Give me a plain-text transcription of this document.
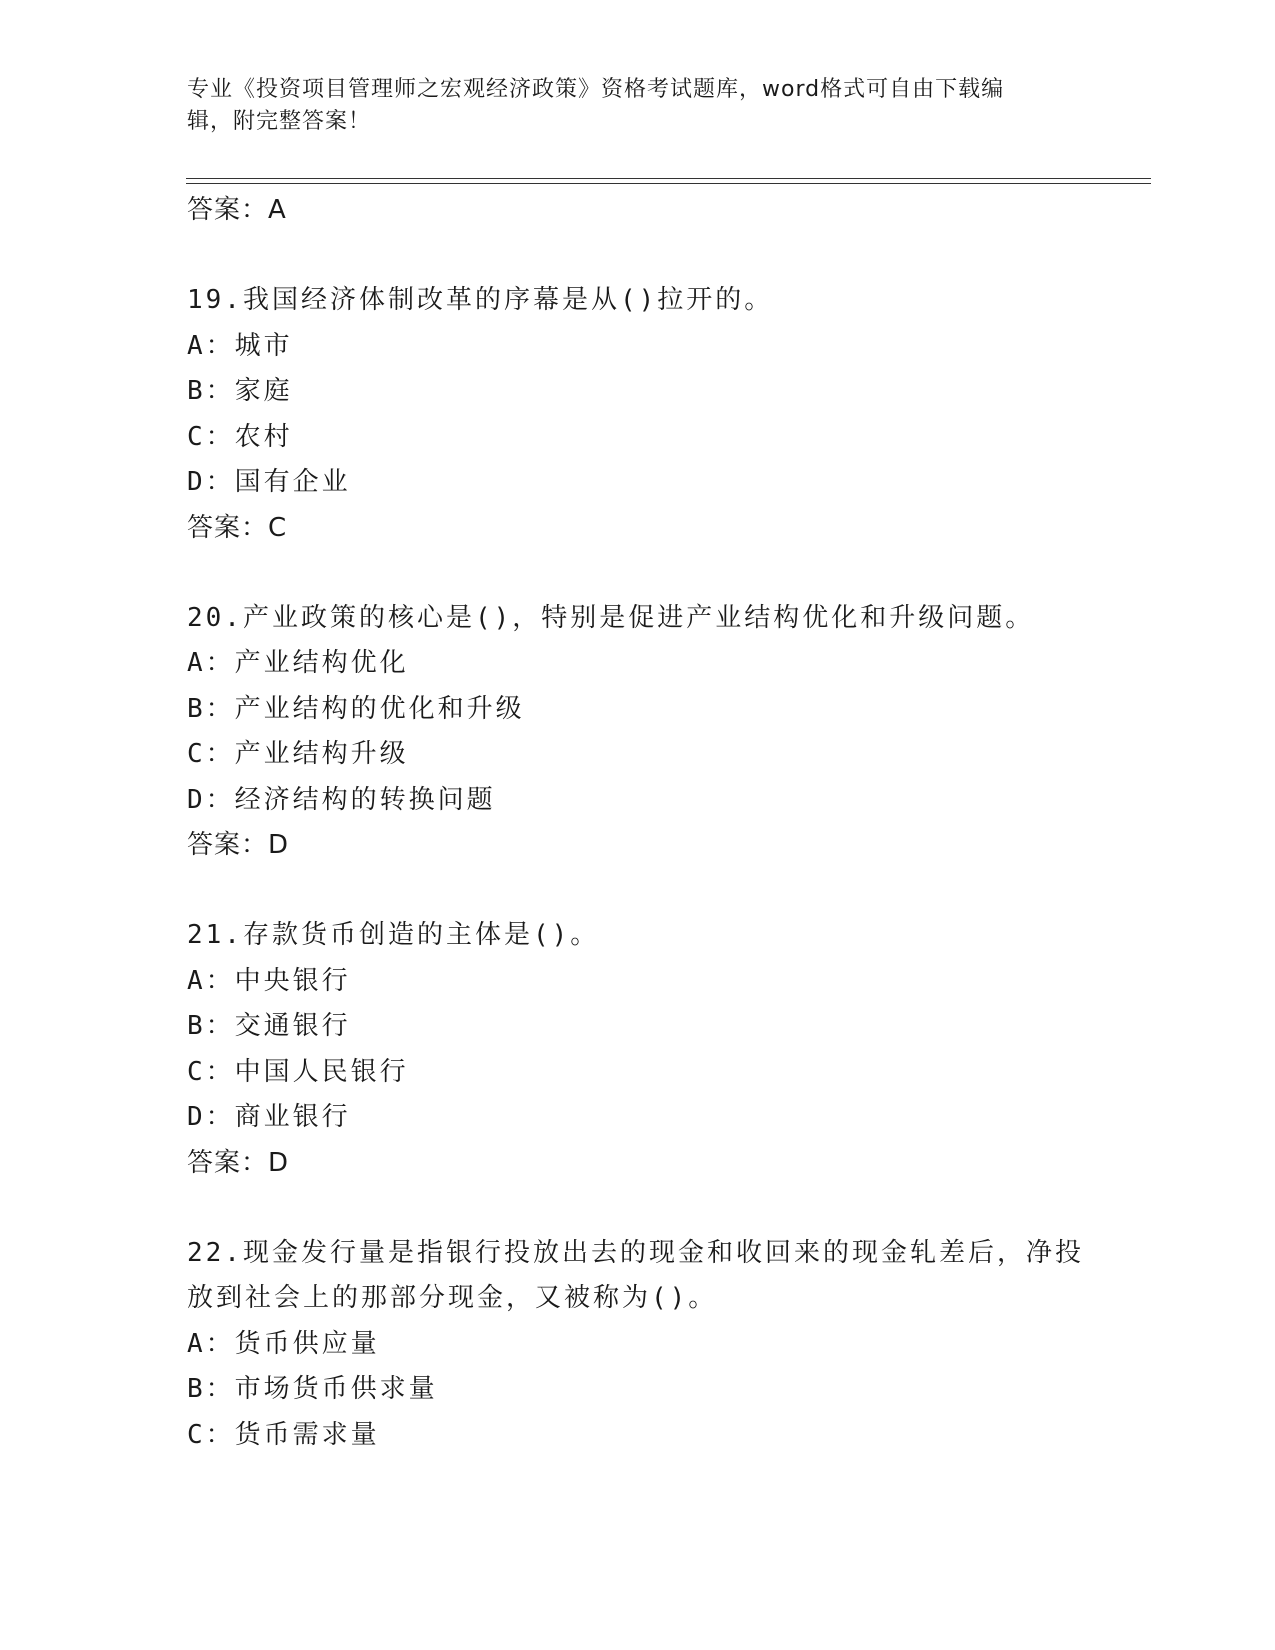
专业《投资项目管理师之宏观经济政策》资格考试题库，word格式可自由下载编
辑，附完整答案！
答案：A
19.我国经济体制改革的序幕是从()拉开的。
A：城市
B：家庭
C：农村
D：国有企业
答案：C
20.产业政策的核心是()，特别是促进产业结构优化和升级问题。
A：产业结构优化
B：产业结构的优化和升级
C：产业结构升级
D：经济结构的转换问题
答案：D
21.存款货币创造的主体是()。
A：中央银行
B：交通银行
C：中国人民银行
D：商业银行
答案：D
22.现金发行量是指银行投放出去的现金和收回来的现金轧差后，净投
放到社会上的那部分现金，又被称为()。
A：货币供应量
B：市场货币供求量
C：货币需求量
